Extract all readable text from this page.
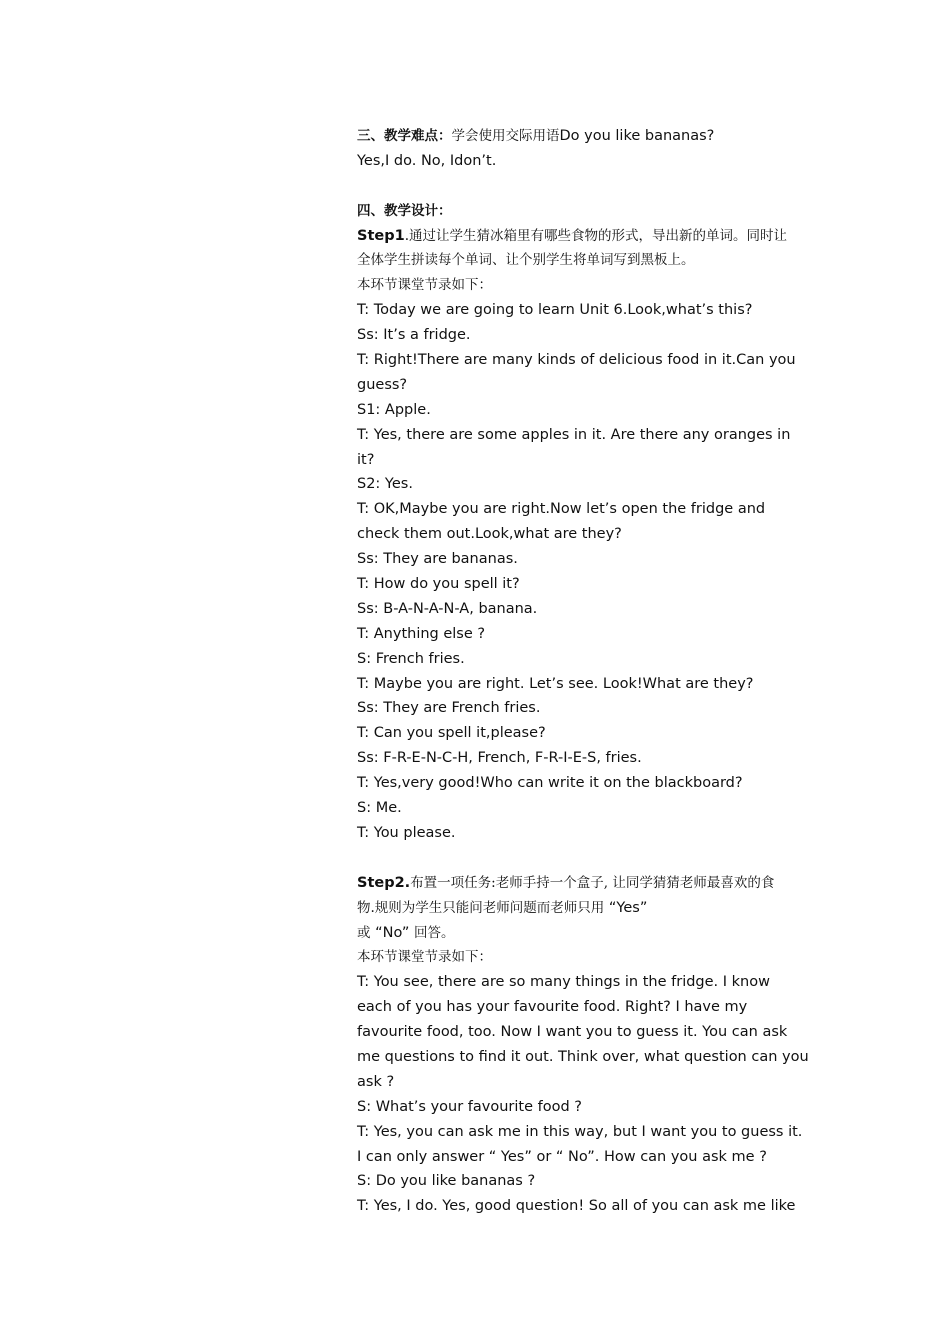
三、教学难点：学会使用交际用语Do you like bananas?
Yes,I do. No, Idon’t.
四、教学设计：
Step1.通过让学生猜冰箱里有哪些食物的形式，导出新的单词。同时让
全体学生拼读每个单词、让个别学生将单词写到黑板上。
本环节课堂节录如下：
T: Today we are going to learn Unit 6.Look,what’s this?
Ss: It’s a fridge.
T: Right!There are many kinds of delicious food in it.Can you
guess?
S1: Apple.
T: Yes, there are some apples in it. Are there any oranges in
it?
S2: Yes.
T: OK,Maybe you are right.Now let’s open the fridge and
check them out.Look,what are they?
Ss: They are bananas.
T: How do you spell it?
Ss: B-A-N-A-N-A, banana.
T: Anything else ?
S: French fries.
T: Maybe you are right. Let’s see. Look!What are they?
Ss: They are French fries.
T: Can you spell it,please?
Ss: F-R-E-N-C-H, French, F-R-I-E-S, fries.
T: Yes,very good!Who can write it on the blackboard?
S: Me.
T: You please.
Step2.布置一项任务:老师手持一个盒子, 让同学猜猜老师最喜欢的食
物.规则为学生只能问老师问题而老师只用 “Yes”
或 “No” 回答。
本环节课堂节录如下：
T: You see, there are so many things in the fridge. I know
each of you has your favourite food. Right? I have my
favourite food, too. Now I want you to guess it. You can ask
me questions to find it out. Think over, what question can you
ask ?
S: What’s your favourite food ?
T: Yes, you can ask me in this way, but I want you to guess it.
I can only answer “ Yes” or “ No”. How can you ask me ?
S: Do you like bananas ?
T: Yes, I do. Yes, good question! So all of you can ask me like
